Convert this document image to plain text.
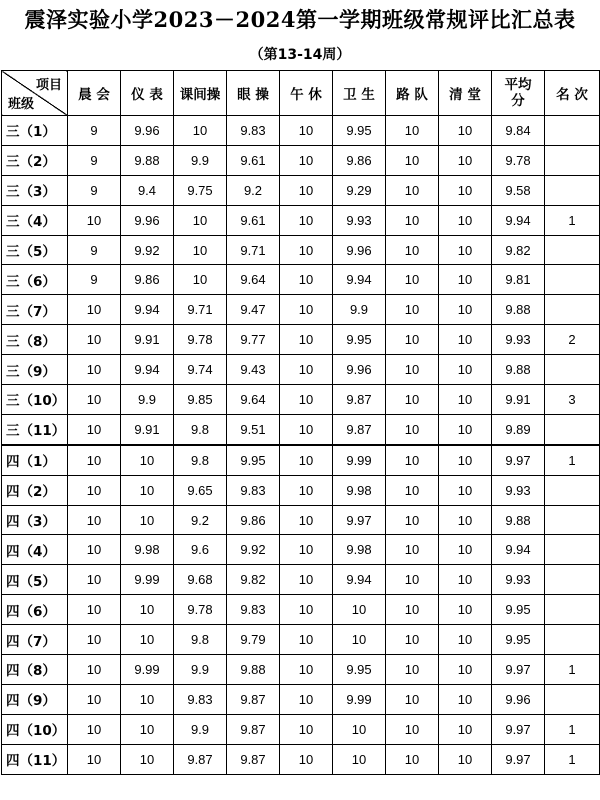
震泽实验小学2023－2024第一学期班级常规评比汇总表
（第13-14周）
项目
班级	晨 会	仪 表	课间操	眼 操	午 休	卫 生	路 队	清 堂	平均分	名 次
三（1）	9	9.96	10	9.83	10	9.95	10	10	9.84	
三（2）	9	9.88	9.9	9.61	10	9.86	10	10	9.78	
三（3）	9	9.4	9.75	9.2	10	9.29	10	10	9.58	
三（4）	10	9.96	10	9.61	10	9.93	10	10	9.94	1
三（5）	9	9.92	10	9.71	10	9.96	10	10	9.82	
三（6）	9	9.86	10	9.64	10	9.94	10	10	9.81	
三（7）	10	9.94	9.71	9.47	10	9.9	10	10	9.88	
三（8）	10	9.91	9.78	9.77	10	9.95	10	10	9.93	2
三（9）	10	9.94	9.74	9.43	10	9.96	10	10	9.88	
三（10）	10	9.9	9.85	9.64	10	9.87	10	10	9.91	3
三（11）	10	9.91	9.8	9.51	10	9.87	10	10	9.89	
四（1）	10	10	9.8	9.95	10	9.99	10	10	9.97	1
四（2）	10	10	9.65	9.83	10	9.98	10	10	9.93	
四（3）	10	10	9.2	9.86	10	9.97	10	10	9.88	
四（4）	10	9.98	9.6	9.92	10	9.98	10	10	9.94	
四（5）	10	9.99	9.68	9.82	10	9.94	10	10	9.93	
四（6）	10	10	9.78	9.83	10	10	10	10	9.95	
四（7）	10	10	9.8	9.79	10	10	10	10	9.95	
四（8）	10	9.99	9.9	9.88	10	9.95	10	10	9.97	1
四（9）	10	10	9.83	9.87	10	9.99	10	10	9.96	
四（10）	10	10	9.9	9.87	10	10	10	10	9.97	1
四（11）	10	10	9.87	9.87	10	10	10	10	9.97	1
